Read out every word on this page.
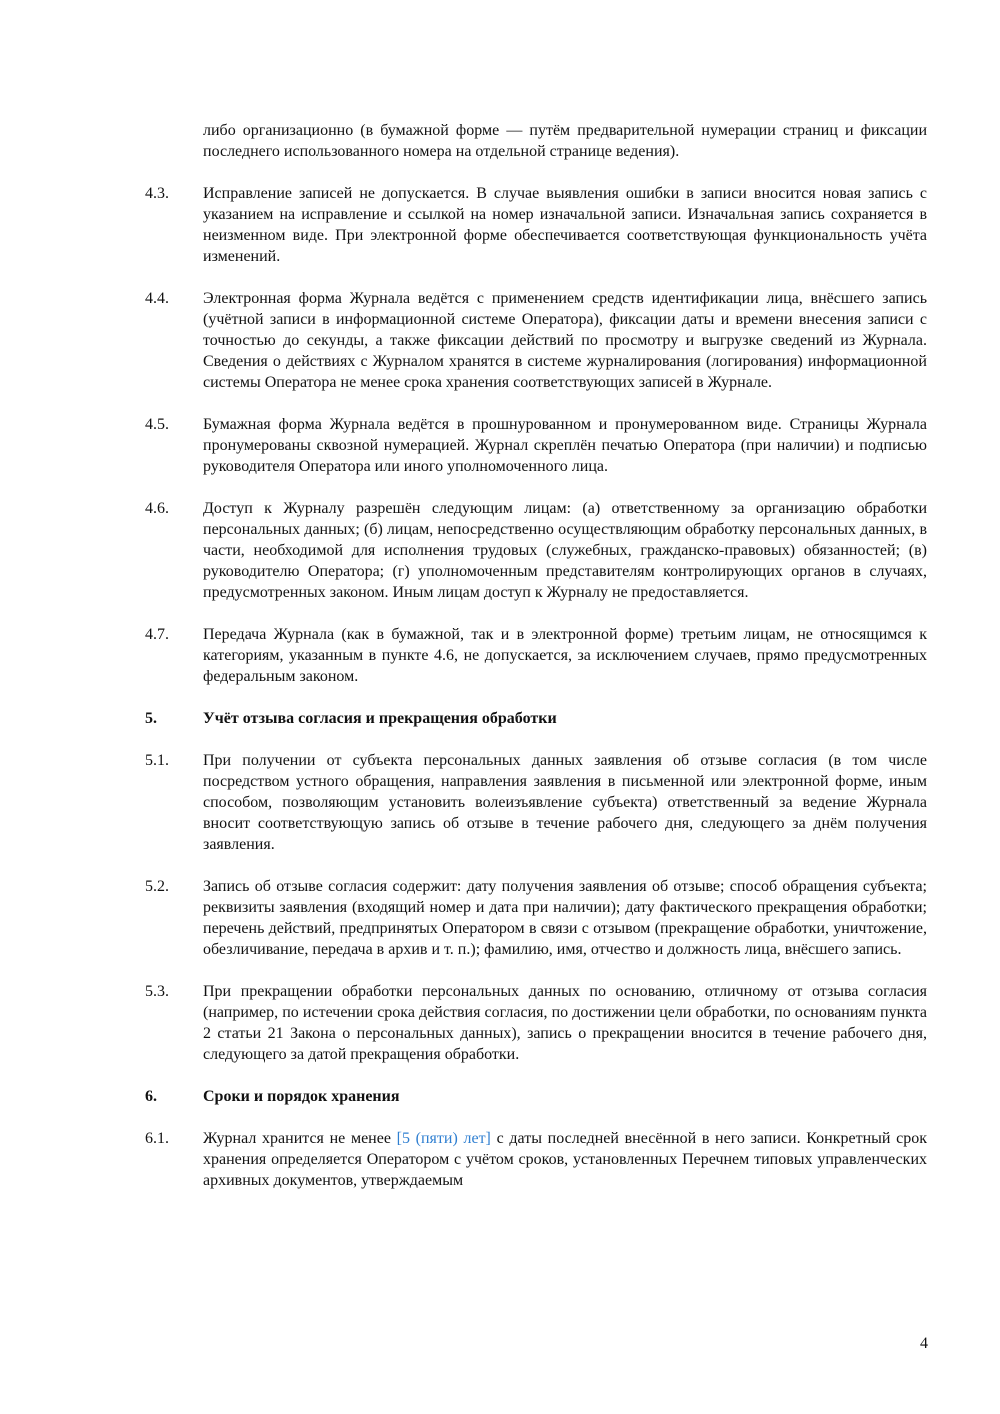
либо организационно (в бумажной форме — путём предварительной нумерации страниц и фиксации последнего использованного номера на отдельной странице ведения).
4.3.	Исправление записей не допускается. В случае выявления ошибки в записи вносится новая запись с указанием на исправление и ссылкой на номер изначальной записи. Изначальная запись сохраняется в неизменном виде. При электронной форме обеспечивается соответствующая функциональность учёта изменений.
4.4.	Электронная форма Журнала ведётся с применением средств идентификации лица, внёсшего запись (учётной записи в информационной системе Оператора), фиксации даты и времени внесения записи с точностью до секунды, а также фиксации действий по просмотру и выгрузке сведений из Журнала. Сведения о действиях с Журналом хранятся в системе журналирования (логирования) информационной системы Оператора не менее срока хранения соответствующих записей в Журнале.
4.5.	Бумажная форма Журнала ведётся в прошнурованном и пронумерованном виде. Страницы Журнала пронумерованы сквозной нумерацией. Журнал скреплён печатью Оператора (при наличии) и подписью руководителя Оператора или иного уполномоченного лица.
4.6.	Доступ к Журналу разрешён следующим лицам: (а) ответственному за организацию обработки персональных данных; (б) лицам, непосредственно осуществляющим обработку персональных данных, в части, необходимой для исполнения трудовых (служебных, гражданско-правовых) обязанностей; (в) руководителю Оператора; (г) уполномоченным представителям контролирующих органов в случаях, предусмотренных законом. Иным лицам доступ к Журналу не предоставляется.
4.7.	Передача Журнала (как в бумажной, так и в электронной форме) третьим лицам, не относящимся к категориям, указанным в пункте 4.6, не допускается, за исключением случаев, прямо предусмотренных федеральным законом.
5.	Учёт отзыва согласия и прекращения обработки
5.1.	При получении от субъекта персональных данных заявления об отзыве согласия (в том числе посредством устного обращения, направления заявления в письменной или электронной форме, иным способом, позволяющим установить волеизъявление субъекта) ответственный за ведение Журнала вносит соответствующую запись об отзыве в течение рабочего дня, следующего за днём получения заявления.
5.2.	Запись об отзыве согласия содержит: дату получения заявления об отзыве; способ обращения субъекта; реквизиты заявления (входящий номер и дата при наличии); дату фактического прекращения обработки; перечень действий, предпринятых Оператором в связи с отзывом (прекращение обработки, уничтожение, обезличивание, передача в архив и т. п.); фамилию, имя, отчество и должность лица, внёсшего запись.
5.3.	При прекращении обработки персональных данных по основанию, отличному от отзыва согласия (например, по истечении срока действия согласия, по достижении цели обработки, по основаниям пункта 2 статьи 21 Закона о персональных данных), запись о прекращении вносится в течение рабочего дня, следующего за датой прекращения обработки.
6.	Сроки и порядок хранения
6.1.	Журнал хранится не менее [5 (пяти) лет] с даты последней внесённой в него записи. Конкретный срок хранения определяется Оператором с учётом сроков, установленных Перечнем типовых управленческих архивных документов, утверждаемым
4
